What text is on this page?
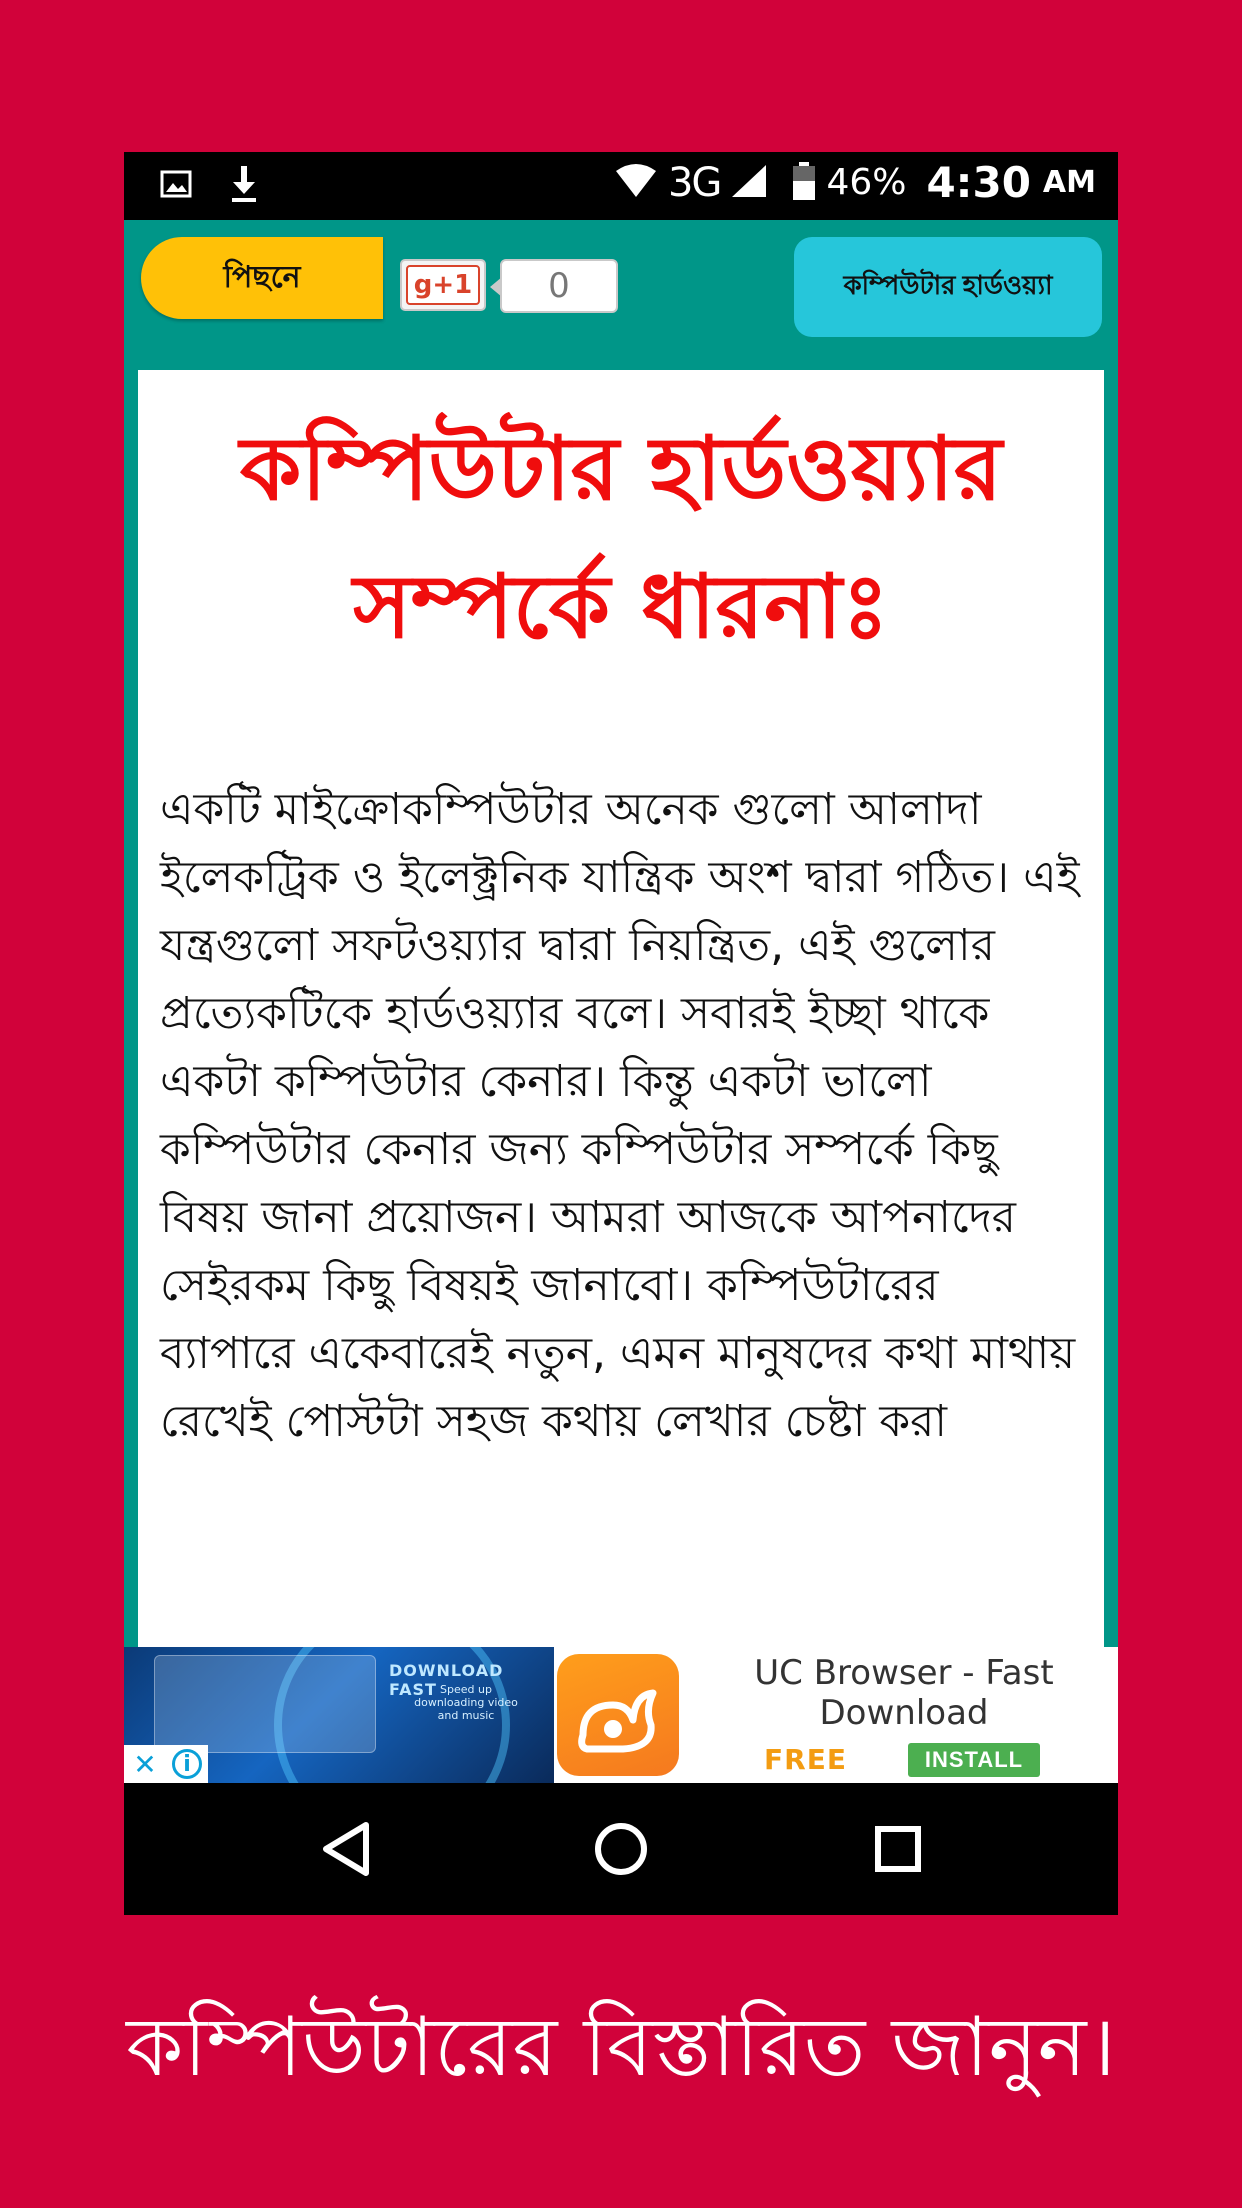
3G	46% 4:30 AM
পিছনে	g+1	0	কম্পিউটার হার্ডওয়্যা
কম্পিউটার হার্ডওয়্যার সম্পর্কে ধারনাঃ
একটি মাইক্রোকম্পিউটার অনেক গুলো আলাদা ইলেকট্রিক ও ইলেক্ট্রনিক যান্ত্রিক অংশ দ্বারা গঠিত। এই যন্ত্রগুলো সফটওয়্যার দ্বারা নিয়ন্ত্রিত, এই গুলোর প্রত্যেকটিকে হার্ডওয়্যার বলে। সবারই ইচ্ছা থাকে একটা কম্পিউটার কেনার। কিন্তু একটা ভালো কম্পিউটার কেনার জন্য কম্পিউটার সম্পর্কে কিছু বিষয় জানা প্রয়োজন। আমরা আজকে আপনাদের সেইরকম কিছু বিষয়ই জানাবো। কম্পিউটারের ব্যাপারে একেবারেই নতুন, এমন মানুষদের কথা মাথায় রেখেই পোস্টটা সহজ কথায় লেখার চেষ্টা করা
DOWNLOAD FAST Speed up downloading video and music
✕	i
UC Browser - Fast Download
FREE	INSTALL
কম্পিউটারের বিস্তারিত জানুন।
